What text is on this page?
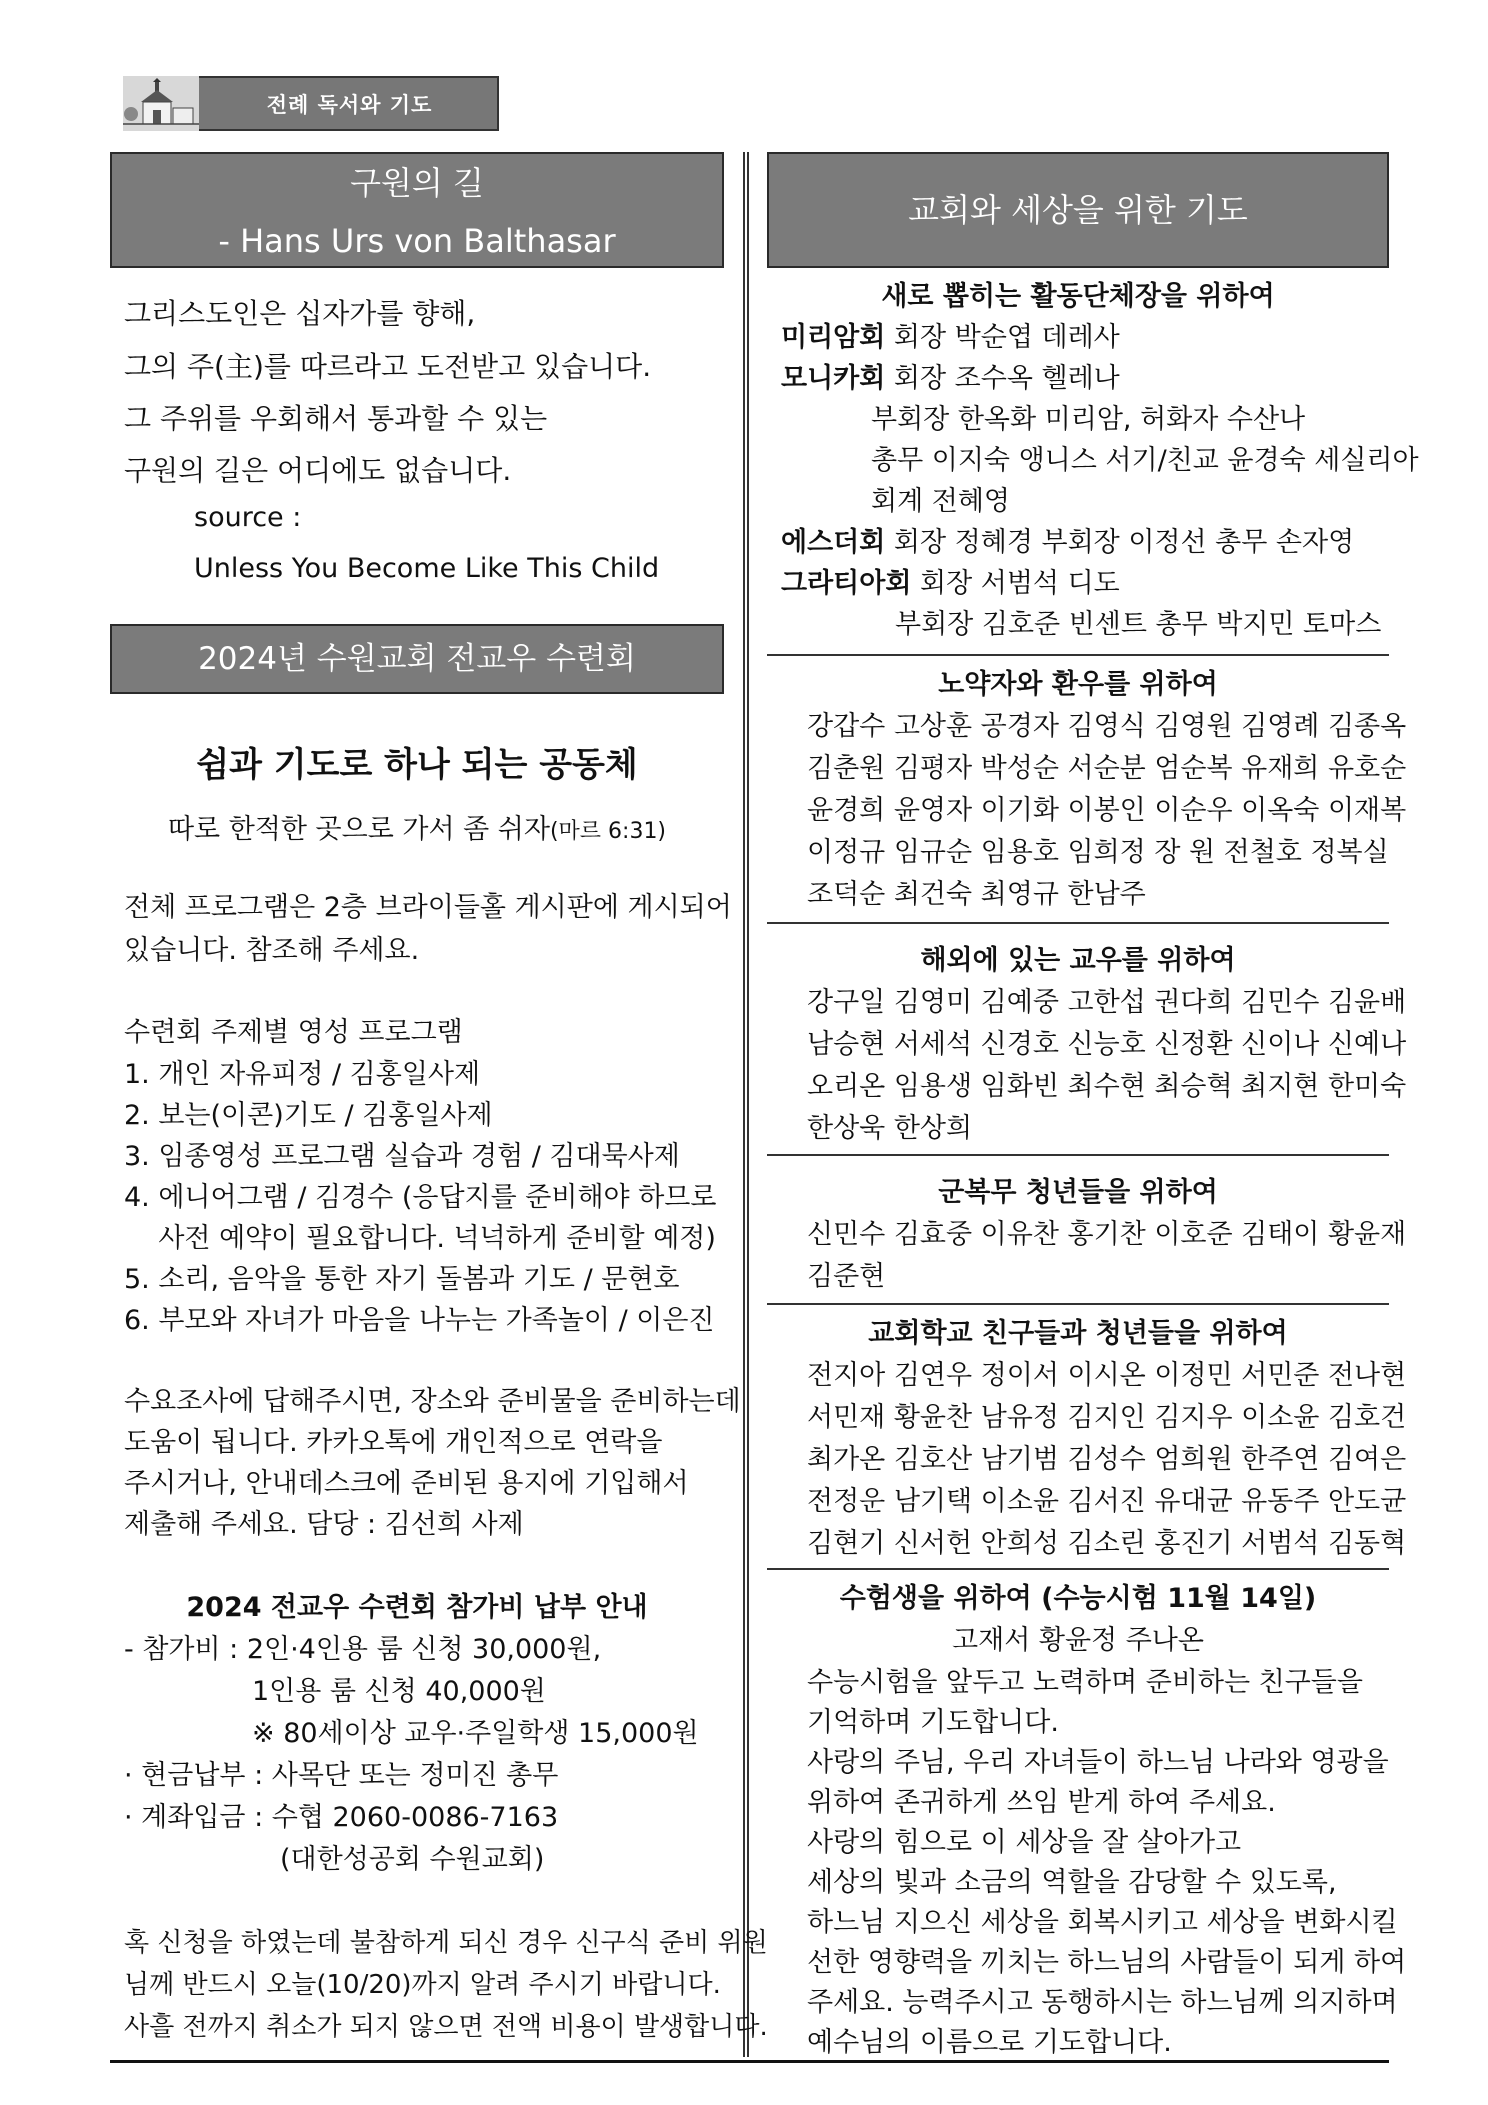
전례 독서와 기도
구원의 길
- Hans Urs von Balthasar
그리스도인은 십자가를 향해,
그의 주(主)를 따르라고 도전받고 있습니다.
그 주위를 우회해서 통과할 수 있는
구원의 길은 어디에도 없습니다.
source :
Unless You Become Like This Child
2024년 수원교회 전교우 수련회
쉼과 기도로 하나 되는 공동체
따로 한적한 곳으로 가서 좀 쉬자(마르 6:31)
전체 프로그램은 2층 브라이들홀 게시판에 게시되어
있습니다. 참조해 주세요.
수련회 주제별 영성 프로그램
1. 개인 자유피정 / 김홍일사제
2. 보는(이콘)기도 / 김홍일사제
3. 임종영성 프로그램 실습과 경험 / 김대묵사제
4. 에니어그램 / 김경수 (응답지를 준비해야 하므로
사전 예약이 필요합니다. 넉넉하게 준비할 예정)
5. 소리, 음악을 통한 자기 돌봄과 기도 / 문현호
6. 부모와 자녀가 마음을 나누는 가족놀이 / 이은진
수요조사에 답해주시면, 장소와 준비물을 준비하는데
도움이 됩니다. 카카오톡에 개인적으로 연락을
주시거나, 안내데스크에 준비된 용지에 기입해서
제출해 주세요. 담당 : 김선희 사제
2024 전교우 수련회 참가비 납부 안내
- 참가비 : 2인·4인용 룸 신청 30,000원,
1인용 룸 신청 40,000원
※ 80세이상 교우·주일학생 15,000원
· 현금납부 : 사목단 또는 정미진 총무
· 계좌입금 : 수협 2060-0086-7163
(대한성공회 수원교회)
혹 신청을 하였는데 불참하게 되신 경우 신구식 준비 위원
님께 반드시 오늘(10/20)까지 알려 주시기 바랍니다.
사흘 전까지 취소가 되지 않으면 전액 비용이 발생합니다.
교회와 세상을 위한 기도
새로 뽑히는 활동단체장을 위하여
미리암회 회장 박순엽 데레사
모니카회 회장 조수옥 헬레나
부회장 한옥화 미리암, 허화자 수산나
총무 이지숙 앵니스 서기/친교 윤경숙 세실리아
회계 전혜영
에스더회 회장 정혜경 부회장 이정선 총무 손자영
그라티아회 회장 서범석 디도
부회장 김호준 빈센트 총무 박지민 토마스
노약자와 환우를 위하여
강갑수 고상훈 공경자 김영식 김영원 김영례 김종옥
김춘원 김평자 박성순 서순분 엄순복 유재희 유호순
윤경희 윤영자 이기화 이봉인 이순우 이옥숙 이재복
이정규 임규순 임용호 임희정 장 원 전철호 정복실
조덕순 최건숙 최영규 한남주
해외에 있는 교우를 위하여
강구일 김영미 김예중 고한섭 권다희 김민수 김윤배
남승현 서세석 신경호 신능호 신정환 신이나 신예나
오리온 임용생 임화빈 최수현 최승혁 최지현 한미숙
한상욱 한상희
군복무 청년들을 위하여
신민수 김효중 이유찬 홍기찬 이호준 김태이 황윤재
김준현
교회학교 친구들과 청년들을 위하여
전지아 김연우 정이서 이시온 이정민 서민준 전나현
서민재 황윤찬 남유정 김지인 김지우 이소윤 김호건
최가온 김호산 남기범 김성수 엄희원 한주연 김여은
전정운 남기택 이소윤 김서진 유대균 유동주 안도균
김현기 신서헌 안희성 김소린 홍진기 서범석 김동혁
수험생을 위하여 (수능시험 11월 14일)
고재서 황윤정 주나온
수능시험을 앞두고 노력하며 준비하는 친구들을
기억하며 기도합니다.
사랑의 주님, 우리 자녀들이 하느님 나라와 영광을
위하여 존귀하게 쓰임 받게 하여 주세요.
사랑의 힘으로 이 세상을 잘 살아가고
세상의 빛과 소금의 역할을 감당할 수 있도록,
하느님 지으신 세상을 회복시키고 세상을 변화시킬
선한 영향력을 끼치는 하느님의 사람들이 되게 하여
주세요. 능력주시고 동행하시는 하느님께 의지하며
예수님의 이름으로 기도합니다.
